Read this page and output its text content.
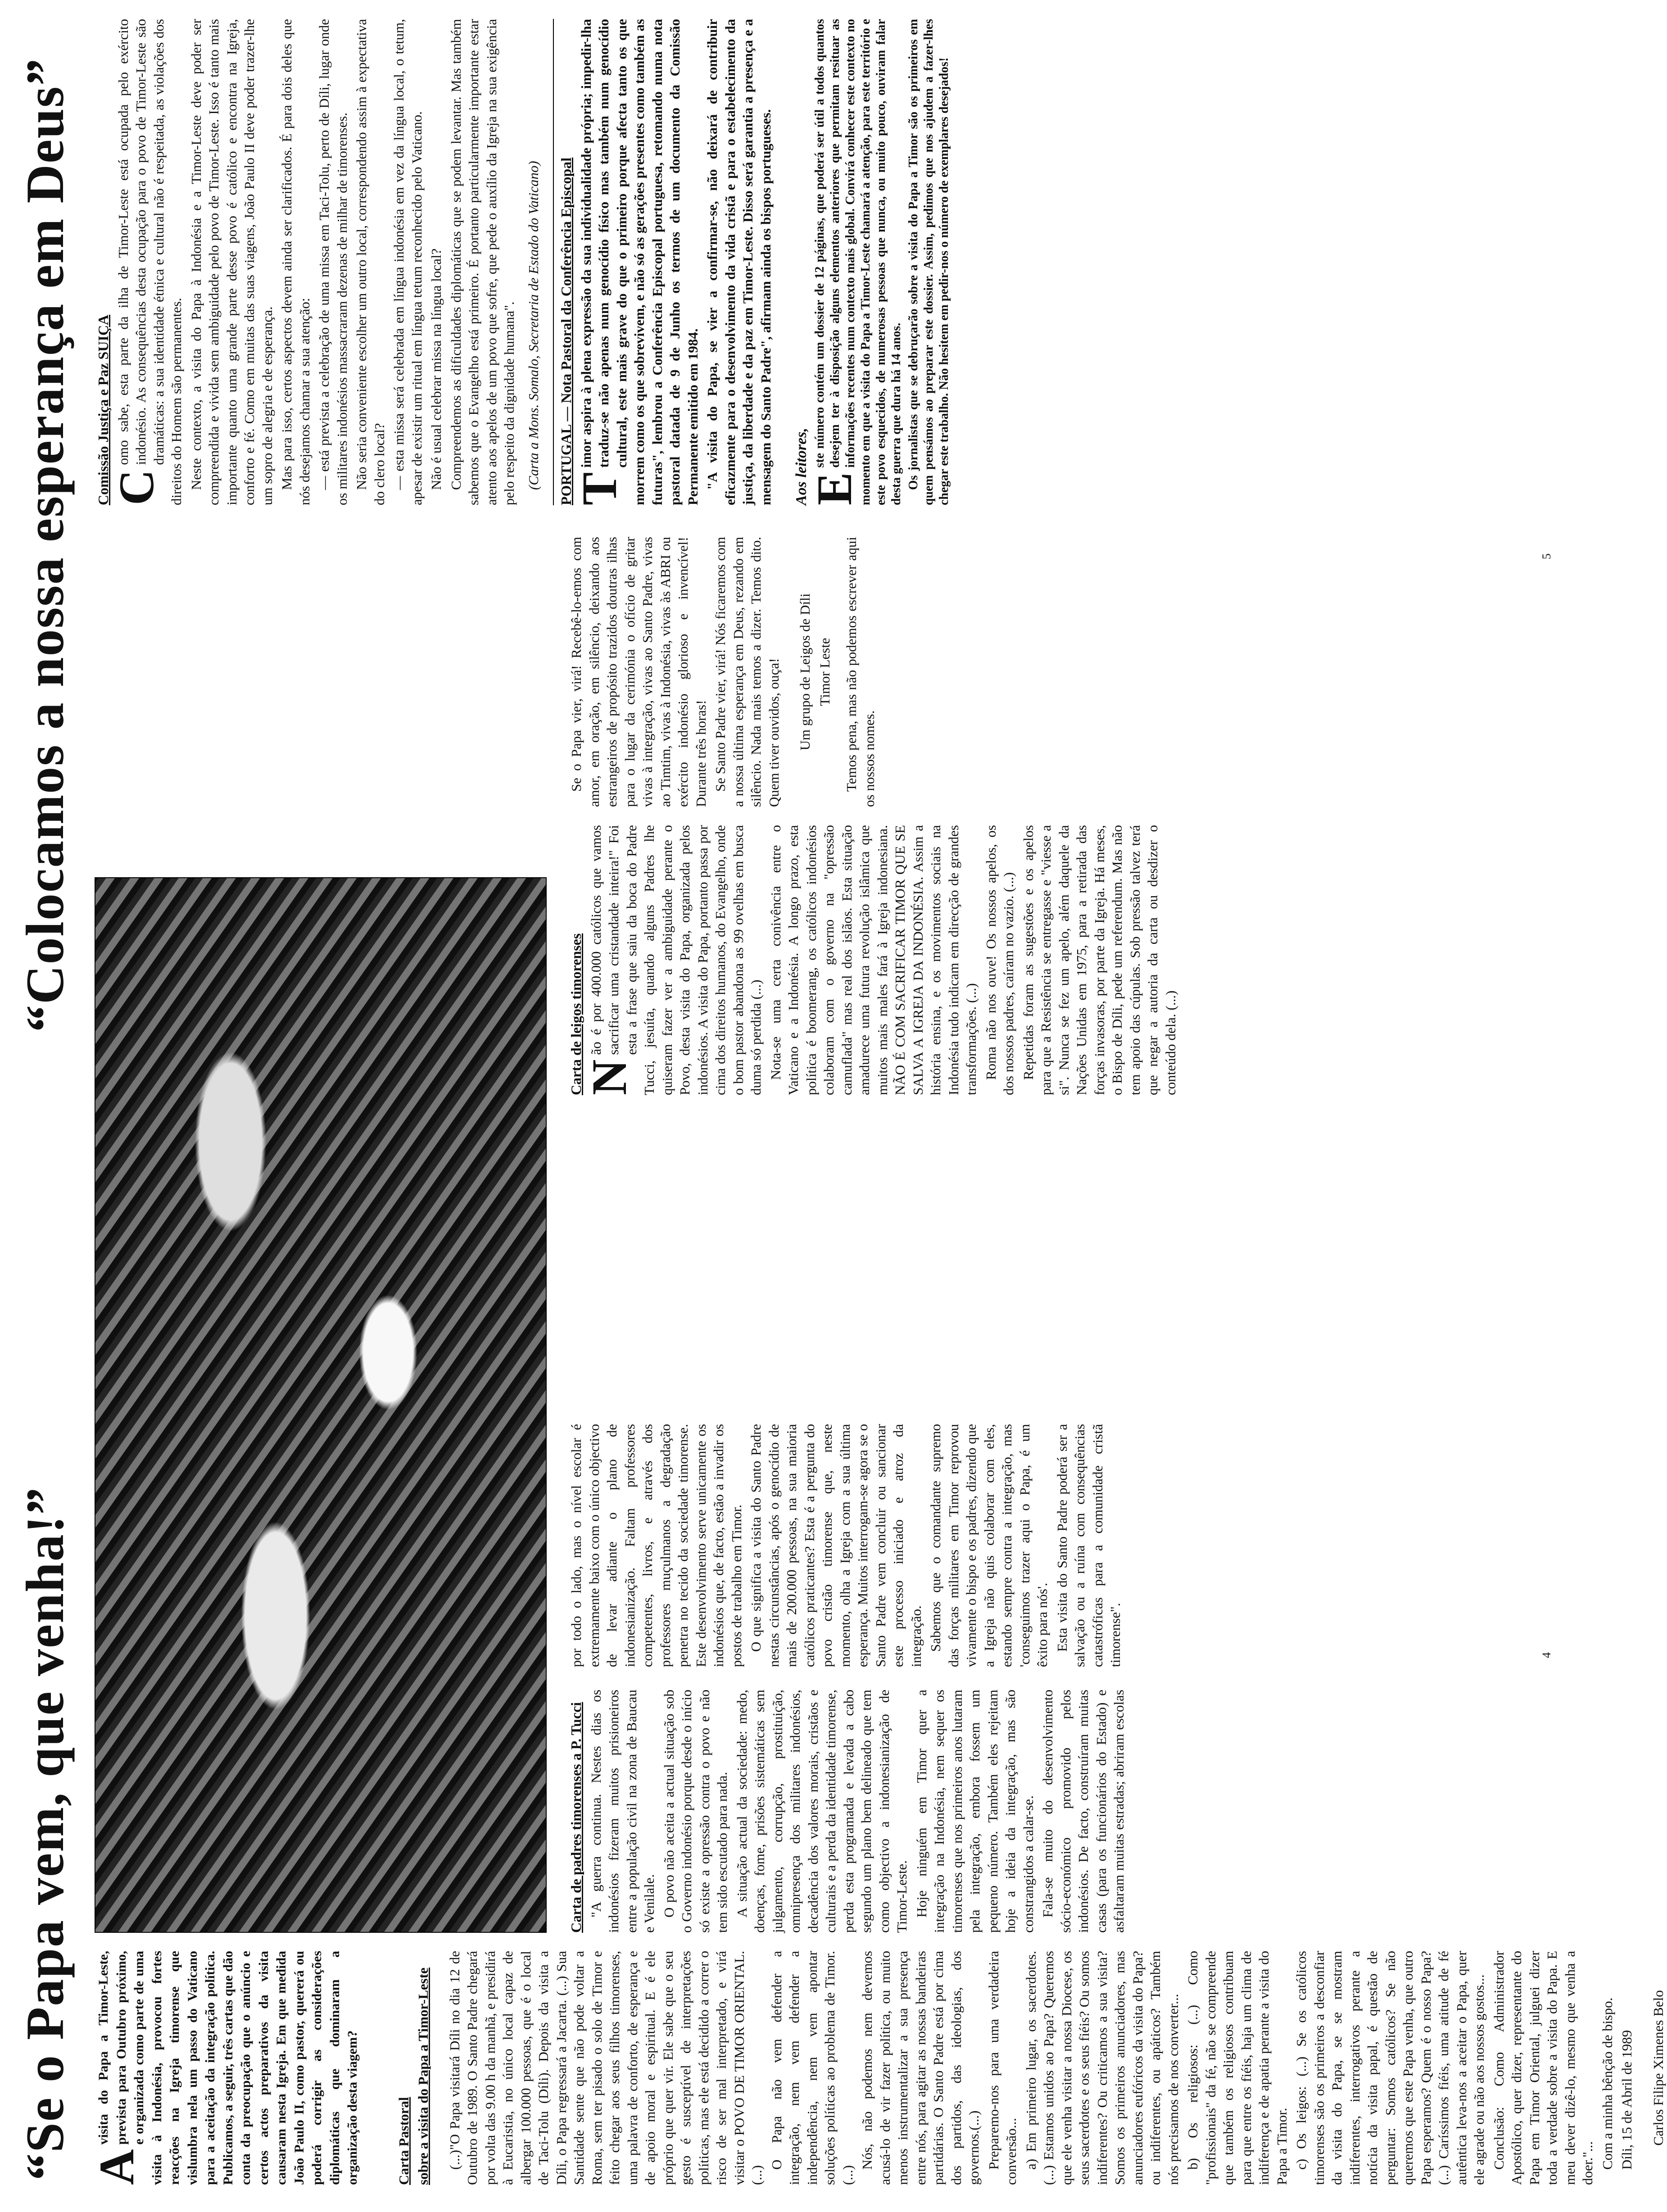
“Se o Papa vem, que venha!” A
visita do Papa a Timor-Leste, prevista para Outubro próximo, e organizada como parte de uma visita à Indonésia, provocou fortes reacções na Igreja timorense que vislumbra nela um passo do Vaticano para a aceitação da integração política. Publicamos, a seguir, três cartas que dão conta da preocupação que o anúncio e certos actos preparativos da visita causaram nesta Igreja. Em que medida João Paulo II, como pastor, quererá ou poderá corrigir as considerações diplomáticas que dominaram a organização desta viagem?	Carta Pastoral sobre a visita do Papa a Timor-Leste (...)"O Papa visitará Díli no dia 12 de Outubro de 1989. O Santo Padre chegará por volta das 9.00 h da manhã, e presidirá à Eucaristia, no único local capaz de albergar 100.000 pessoas, que é o local de Taci-Tolu (Díli). Depois da visita a Díli, o Papa regressará a Jacarta. (...) Sua Santidade sente que não pode voltar a Roma, sem ter pisado o solo de Timor e feito chegar aos seus filhos timorenses, uma palavra de conforto, de esperança e de apoio moral e espiritual. E é ele próprio que quer vir. Ele sabe que o seu gesto é susceptível de interpretações políticas, mas ele está decidido a correr o risco de ser mal interpretado, e virá visitar o POVO DE TIMOR ORIENTAL.(...)

O Papa não vem defender a integração, nem vem defender a independência, nem vem apontar soluções políticas ao problema de Timor.(...)

Nós, não podemos nem devemos acusá-lo de vir fazer política, ou muito menos instrumentalizar a sua presença entre nós, para agitar as nossas bandeiras partidárias. O Santo Padre está por cima dos partidos, das ideologias, dos governos.(...) Preparemo-nos para uma verdadeira conversão... a) Em primeiro lugar, os sacerdotes.(...) Estamos unidos ao Papa? Queremos que ele venha visitar a nossa Diocese, os seus sacerdotes e os seus fiéis? Ou somos indiferentes? Ou criticamos a sua visita? Somos os primeiros anunciadores, mas anunciadores eufóricos da visita do Papa? ou indiferentes, ou apáticos? Também nós precisamos de nos converter... b) Os religiosos: (...) Como "profissionais" da fé, não se compreende que também os religiosos contribuam para que entre os fiéis, haja um clima de indiferença e de apatia perante a visita do Papa a Timor. c) Os leigos: (...) Se os católicos timorenses são os primeiros a desconfiar da visita do Papa, se se mostram indiferentes, interrogativos perante a notícia da visita papal, é questão de perguntar: Somos católicos? Se não queremos que este Papa venha, que outro Papa esperamos? Quem é o nosso Papa? (...) Caríssimos fiéis, uma atitude de fé autêntica leva-nos a aceitar o Papa, quer ele agrade ou não aos nossos gostos... Conclusão: Como Administrador Apostólico, quer dizer, representante do Papa em Timor Oriental, julguei dizer toda a verdade sobre a visita do Papa. E meu dever dizê-lo, mesmo que venha a doer."... Com a minha bênção de bispo. Díli, 15 de Abril de 1989 Carlos Filipe Ximenes Belo

Carta de padres timorenses a P. Tucci "A guerra continua. Nestes dias os indonésios fizeram muitos prisioneiros entre a população civil na zona de Baucau e Venilale. O povo não aceita a actual situação sob o Governo indonésio porque desde o início só existe a opressão contra o povo e não tem sido escutado para nada. A situação actual da sociedade: medo, doenças, fome, prisões sistemáticas sem julgamento, corrupção, prostituição, omnipresença dos militares indonésios, decadência dos valores morais, cristãos e culturais e a perda da identidade timorense, perda esta programada e levada a cabo segundo um plano bem delineado que tem como objectivo a indonesianização de Timor-Leste. Hoje ninguém em Timor quer a integração na Indonésia, nem sequer os timorenses que nos primeiros anos lutaram pela integração, embora fossem um pequeno número. Também eles rejeitam hoje a ideia da integração, mas são constrangidos a calar-se. Fala-se muito do desenvolvimento sócio-económico promovido pelos indonésios. De facto, construíram muitas casas (para os funcionários do Estado) e asfaltaram muitas estradas; abriram escolas por todo o lado, mas o nível escolar é extremamente baixo com o único objectivo de levar adiante o plano de indonesianização. Faltam professores competentes, livros, e através dos professores muçulmanos a degradação penetra no tecido da sociedade timorense. Este desenvolvimento serve unicamente os indonésios que, de facto, estão a invadir os postos de trabalho em Timor. O que significa a visita do Santo Padre nestas circunstâncias, após o genocídio de mais de 200.000 pessoas, na sua maioria católicos praticantes? Esta é a pergunta do povo cristão timorense que, neste momento, olha a Igreja com a sua última esperança. Muitos interrogam-se agora se o Santo Padre vem concluir ou sancionar este processo iniciado e atroz da integração. Sabemos que o comandante supremo das forças militares em Timor reprovou vivamente o bispo e os padres, dizendo que a Igreja não quis colaborar com eles, estando sempre contra a integração, mas 'conseguimos trazer aqui o Papa, é um êxito para nós'. Esta visita do Santo Padre poderá ser a salvação ou a ruína com consequências catastróficas para a comunidade cristã timorense".	4
“Colocamos a nossa esperança em Deus”	Carta de leigos timorenses

N
ão é por 400.000 católicos que vamos sacrificar uma cristandade inteira!" Foi esta a frase que saiu da boca do Padre Tucci, jesuíta, quando alguns Padres lhe quiseram fazer ver a ambiguidade perante o Povo, desta visita do Papa, organizada pelos indonésios. A visita do Papa, portanto passa por cima dos direitos humanos, do Evangelho, onde o bom pastor abandona as 99 ovelhas em busca duma só perdida (...) Nota-se uma certa conivência entre o Vaticano e a Indonésia. A longo prazo, esta política é boomerang, os católicos indonésios colaboram com o governo na "opressão camuflada" mas real dos islãos. Esta situação amadurece uma futura revolução islâmica que muitos mais males fará à Igreja indonesiana. NÃO É COM SACRIFICAR TIMOR QUE SE SALVA A IGREJA DA INDONÉSIA. Assim a história ensina, e os movimentos sociais na Indonésia tudo indicam em direcção de grandes transformações. (...) Roma não nos ouve! Os nossos apelos, os dos nossos padres, caíram no vazio. (...) Repetidas foram as sugestões e os apelos para que a Resistência se entregasse e "viesse a si". Nunca se fez um apelo, além daquele da Nações Unidas em 1975, para a retirada das forças invasoras, por parte da Igreja. Há meses, o Bispo de Díli, pede um referendum. Mas não tem apoio das cúpulas. Sob pressão talvez terá que negar a autoria da carta ou desdizer o conteúdo dela. (...)

Se o Papa vier, virá! Recebê-lo-emos com amor, em oração, em silêncio, deixando aos estrangeiros de propósito trazidos doutras ilhas para o lugar da cerimónia o ofício de gritar vivas à integração, vivas ao Santo Padre, vivas ao Timtim, vivas à Indonésia, vivas às ABRI ou exército indonésio glorioso e invencível! Durante três horas! Se Santo Padre vier, virá! Nós ficaremos com a nossa última esperança em Deus, rezando em silêncio. Nada mais temos a dizer. Temos dito. Quem tiver ouvidos, ouça! Um grupo de Leigos de Díli Timor Leste Temos pena, mas não podemos escrever aqui os nossos nomes.

Comissão Justiça e Paz SUIÇA

C
omo sabe, esta parte da ilha de Timor-Leste está ocupada pelo exército indonésio. As consequências desta ocupação para o povo de Timor-Leste são dramáticas: a sua identidade étnica e cultural não é respeitada, as violações dos direitos do Homem são permanentes. Neste contexto, a visita do Papa à Indonésia e a Timor-Leste deve poder ser compreendida e vivida sem ambiguidade pelo povo de Timor-Leste. Isso é tanto mais importante quanto uma grande parte desse povo é católico e encontra na Igreja, conforto e fé. Como em muitas das suas viagens, João Paulo II deve poder trazer-lhe um sopro de alegria e de esperança. Mas para isso, certos aspectos devem ainda ser clarificados. É para dois deles que nós desejamos chamar a sua atenção: — está prevista a celebração de uma missa em Taci-Tolu, perto de Díli, lugar onde os militares indonésios massacraram dezenas de milhar de timorenses. Não seria conveniente escolher um outro local, correspondendo assim à expectativa do clero local? — esta missa será celebrada em língua indonésia em vez da língua local, o tetum, apesar de existir um ritual em língua tetum reconhecido pelo Vaticano. Não é usual celebrar missa na língua local? Compreendemos as dificuldades diplomáticas que se podem levantar. Mas também sabemos que o Evangelho está primeiro. É portanto particularmente importante estar atento aos apelos de um povo que sofre, que pede o auxílio da Igreja na sua exigência pelo respeito da dignidade humana". (Carta a Mons. Somalo, Secretaria de Estado do Vaticano)	PORTUGAL — Nota Pastoral da Conferência Episcopal

T
imor aspira à plena expressão da sua individualidade própria; impedir-lha traduz-se não apenas num genocídio físico mas também num genocídio cultural, este mais grave do que o primeiro porque afecta tanto os que morrem como os que sobrevivem, e não só as gerações presentes como também as futuras", lembrou a Conferência Episcopal portuguesa, retomando numa nota pastoral datada de 9 de Junho os termos de um documento da Comissão Permanente emitido em 1984. "A visita do Papa, se vier a confirmar-se, não deixará de contribuir eficazmente para o desenvolvimento da vida cristã e para o estabelecimento da justiça, da liberdade e da paz em Timor-Leste. Disso será garantia a presença e a mensagem do Santo Padre", afirmam ainda os bispos portugueses. Aos leitores,

E
ste número contém um dossier de 12 páginas, que poderá ser útil a todos quantos desejem ter à disposição alguns elementos anteriores que permitam resituar as informações recentes num contexto mais global. Convirá conhecer este contexto no momento em que a visita do Papa a Timor-Leste chamará a atenção, para este território e este povo esquecidos, de numerosas pessoas que nunca, ou muito pouco, ouviram falar desta guerra que dura há 14 anos. Os jornalistas que se debruçarão sobre a visita do Papa a Timor são os primeiros em quem pensámos ao preparar este dossier. Assim, pedimos que nos ajudem a fazer-lhes chegar este trabalho. Não hesitem em pedir-nos o número de exemplares desejados!

5
